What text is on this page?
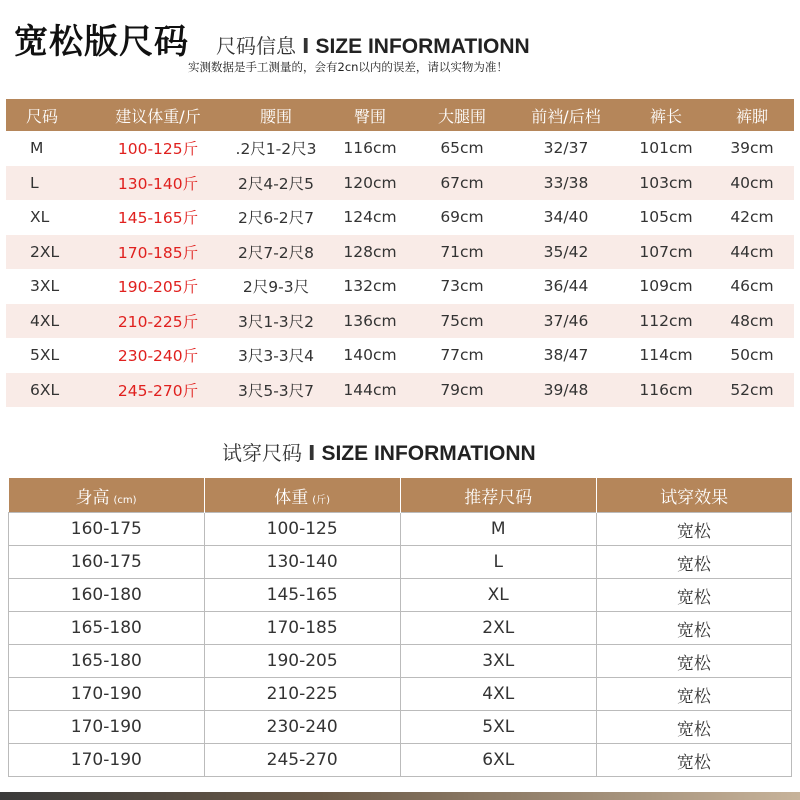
宽松版尺码 尺码信息 I SIZE INFORMATIONN
实测数据是手工测量的，会有2cn以内的误差，请以实物为准！
尺码	建议体重/斤	腰围	臀围	大腿围	前裆/后档	裤长	裤脚
M	100-125斤	.2尺1-2尺3	116cm	65cm	32/37	101cm	39cm
L	130-140斤	2尺4-2尺5	120cm	67cm	33/38	103cm	40cm
XL	145-165斤	2尺6-2尺7	124cm	69cm	34/40	105cm	42cm
2XL	170-185斤	2尺7-2尺8	128cm	71cm	35/42	107cm	44cm
3XL	190-205斤	2尺9-3尺	132cm	73cm	36/44	109cm	46cm
4XL	210-225斤	3尺1-3尺2	136cm	75cm	37/46	112cm	48cm
5XL	230-240斤	3尺3-3尺4	140cm	77cm	38/47	114cm	50cm
6XL	245-270斤	3尺5-3尺7	144cm	79cm	39/48	116cm	52cm
试穿尺码 I SIZE INFORMATIONN
身高 (cm)	体重 (斤)	推荐尺码	试穿效果
160-175	100-125	M	宽松
160-175	130-140	L	宽松
160-180	145-165	XL	宽松
165-180	170-185	2XL	宽松
165-180	190-205	3XL	宽松
170-190	210-225	4XL	宽松
170-190	230-240	5XL	宽松
170-190	245-270	6XL	宽松
